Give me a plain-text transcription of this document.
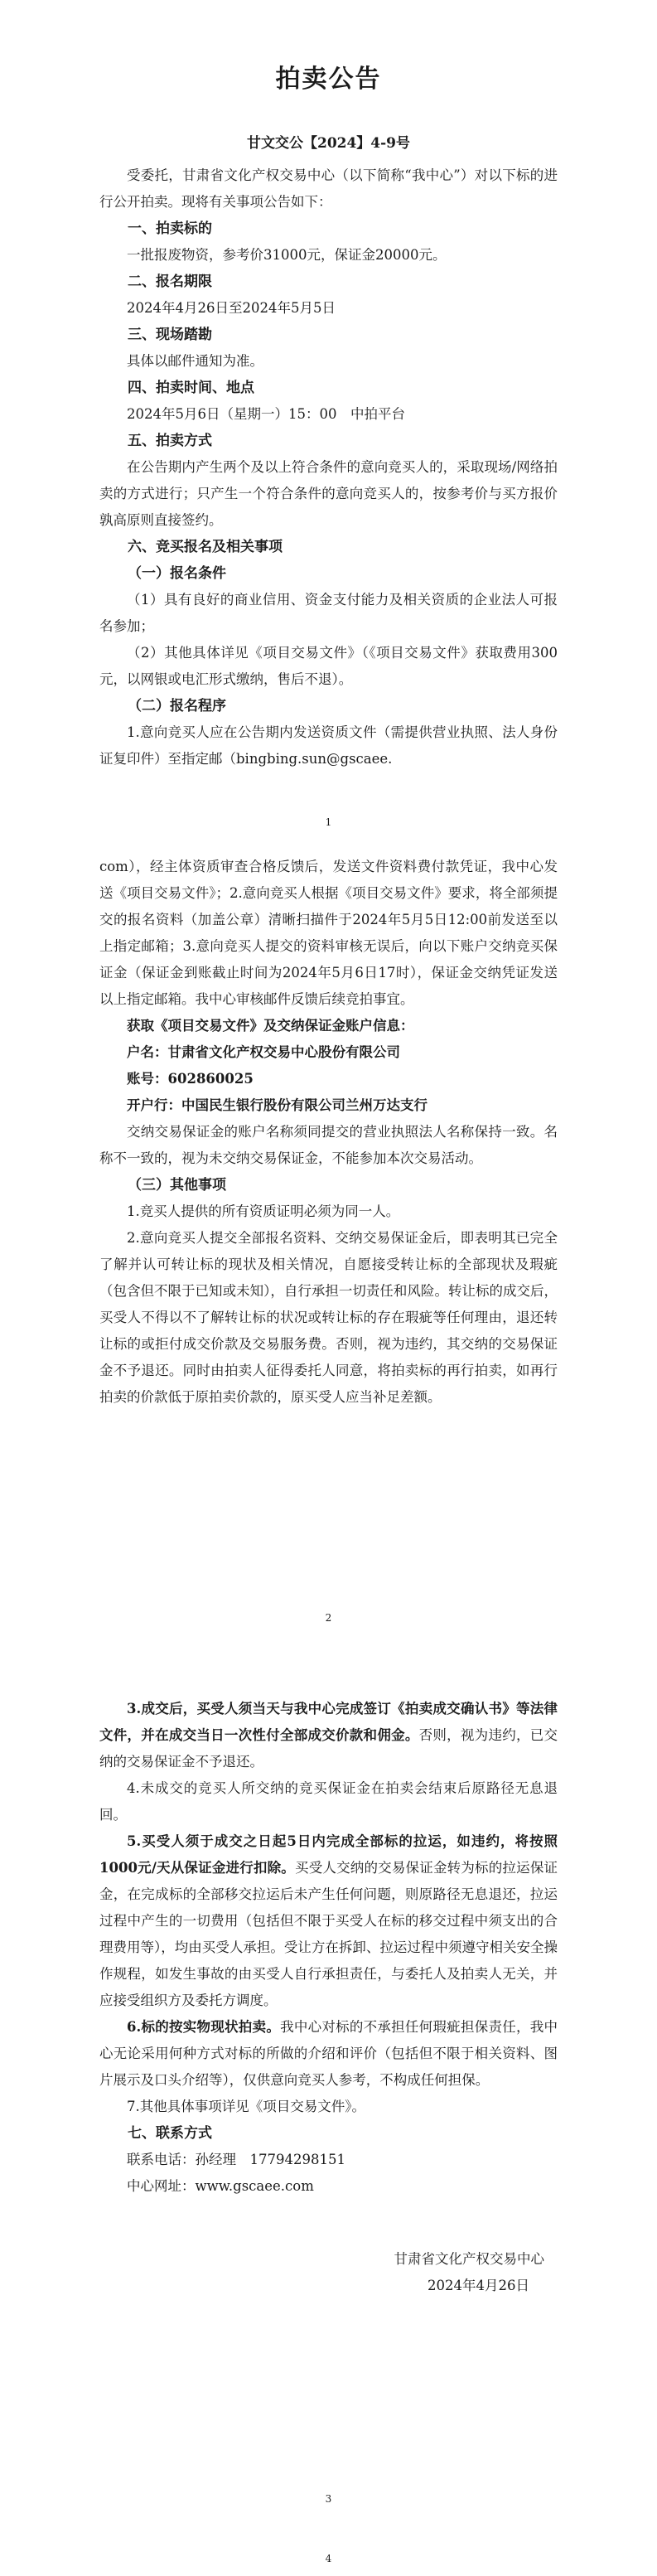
拍卖公告
甘文交公【2024】4-9号

受委托，甘肃省文化产权交易中心（以下简称“我中心”）对以下标的进行公开拍卖。现将有关事项公告如下：

一、拍卖标的

一批报废物资，参考价31000元，保证金20000元。

二、报名期限

2024年4月26日至2024年5月5日

三、现场踏勘

具体以邮件通知为准。

四、拍卖时间、地点

2024年5月6日（星期一）15：00　中拍平台

五、拍卖方式

在公告期内产生两个及以上符合条件的意向竞买人的，采取现场/网络拍卖的方式进行；只产生一个符合条件的意向竞买人的，按参考价与买方报价孰高原则直接签约。

六、竞买报名及相关事项
（一）报名条件

（1）具有良好的商业信用、资金支付能力及相关资质的企业法人可报名参加；

（2）其他具体详见《项目交易文件》（《项目交易文件》获取费用300元，以网银或电汇形式缴纳，售后不退）。

（二）报名程序

1.意向竞买人应在公告期内发送资质文件（需提供营业执照、法人身份证复印件）至指定邮（bingbing.sun@gscaee.

1

com），经主体资质审查合格反馈后，发送文件资料费付款凭证，我中心发送《项目交易文件》；2.意向竞买人根据《项目交易文件》要求，将全部须提交的报名资料（加盖公章）清晰扫描件于2024年5月5日12:00前发送至以上指定邮箱；3.意向竞买人提交的资料审核无误后，向以下账户交纳竞买保证金（保证金到账截止时间为2024年5月6日17时），保证金交纳凭证发送以上指定邮箱。我中心审核邮件反馈后续竞拍事宜。

获取《项目交易文件》及交纳保证金账户信息：

户名：甘肃省文化产权交易中心股份有限公司

账号：602860025

开户行：中国民生银行股份有限公司兰州万达支行

交纳交易保证金的账户名称须同提交的营业执照法人名称保持一致。名称不一致的，视为未交纳交易保证金，不能参加本次交易活动。

（三）其他事项

1.竞买人提供的所有资质证明必须为同一人。

2.意向竞买人提交全部报名资料、交纳交易保证金后，即表明其已完全了解并认可转让标的现状及相关情况，自愿接受转让标的全部现状及瑕疵（包含但不限于已知或未知），自行承担一切责任和风险。转让标的成交后，买受人不得以不了解转让标的状况或转让标的存在瑕疵等任何理由，退还转让标的或拒付成交价款及交易服务费。否则，视为违约，其交纳的交易保证金不予退还。同时由拍卖人征得委托人同意，将拍卖标的再行拍卖，如再行拍卖的价款低于原拍卖价款的，原买受人应当补足差额。

2

3.成交后，买受人须当天与我中心完成签订《拍卖成交确认书》等法律文件，并在成交当日一次性付全部成交价款和佣金。否则，视为违约，已交纳的交易保证金不予退还。

4.未成交的竞买人所交纳的竞买保证金在拍卖会结束后原路径无息退回。

5.买受人须于成交之日起5日内完成全部标的拉运，如违约，将按照1000元/天从保证金进行扣除。买受人交纳的交易保证金转为标的拉运保证金，在完成标的全部移交拉运后未产生任何问题，则原路径无息退还，拉运过程中产生的一切费用（包括但不限于买受人在标的移交过程中须支出的合理费用等），均由买受人承担。受让方在拆卸、拉运过程中须遵守相关安全操作规程，如发生事故的由买受人自行承担责任，与委托人及拍卖人无关，并应接受组织方及委托方调度。

6.标的按实物现状拍卖。我中心对标的不承担任何瑕疵担保责任，我中心无论采用何种方式对标的所做的介绍和评价（包括但不限于相关资料、图片展示及口头介绍等），仅供意向竞买人参考，不构成任何担保。

7.其他具体事项详见《项目交易文件》。

七、联系方式

联系电话：孙经理　17794298151

中心网址：www.gscaee.com

甘肃省文化产权交易中心
2024年4月26日
3
4
